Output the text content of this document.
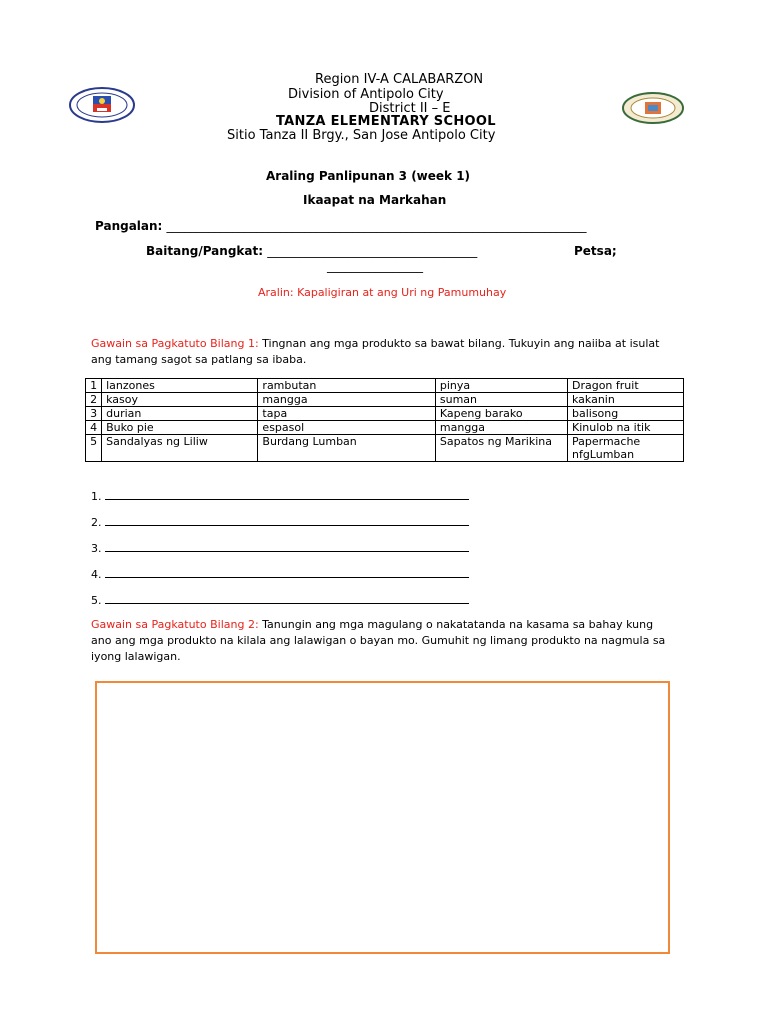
Region IV-A CALABARZON
Division of Antipolo City
District II – E
TANZA ELEMENTARY SCHOOL
Sitio Tanza II Brgy., San Jose Antipolo City
Araling Panlipunan 3 (week 1)
Ikaapat na Markahan
Pangalan: ______________________________________________________________________
Baitang/Pangkat: ___________________________________	Petsa;
________________
Aralin: Kapaligiran at ang Uri ng Pamumuhay
Gawain sa Pagkatuto Bilang 1: Tingnan ang mga produkto sa bawat bilang. Tukuyin ang naiiba at isulat ang tamang sagot sa patlang sa ibaba.
1	lanzones	rambutan	pinya	Dragon fruit
2	kasoy	mangga	suman	kakanin
3	durian	tapa	Kapeng barako	balisong
4	Buko pie	espasol	mangga	Kinulob na itik
5	Sandalyas ng Liliw	Burdang Lumban	Sapatos ng Marikina	Papermache nfgLumban
1.
2.
3.
4.
5.
Gawain sa Pagkatuto Bilang 2: Tanungin ang mga magulang o nakatatanda na kasama sa bahay kung ano ang mga produkto na kilala ang lalawigan o bayan mo. Gumuhit ng limang produkto na nagmula sa iyong lalawigan.
